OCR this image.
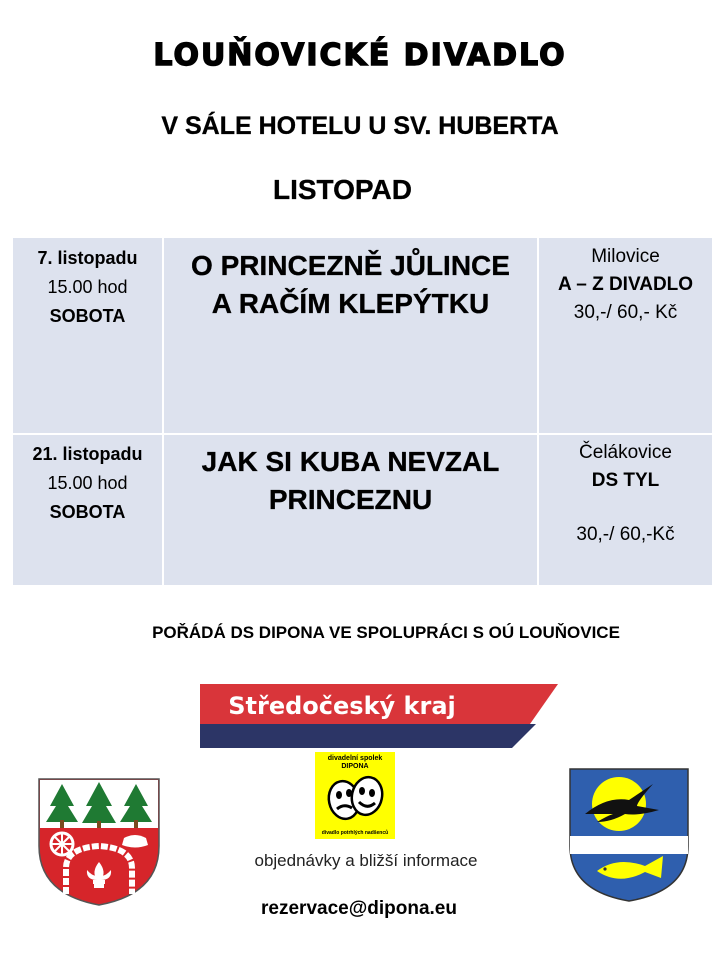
LOUŇOVICKÉ DIVADLO
V SÁLE HOTELU U SV. HUBERTA
LISTOPAD
7. listopadu
15.00 hod
SOBOTA
O PRINCEZNĚ JŮLINCE
A RAČÍM KLEPÝTKU
Milovice
A – Z DIVADLO
30,-/ 60,- Kč
21. listopadu
15.00 hod
SOBOTA
JAK SI KUBA NEVZAL
PRINCEZNU
Čelákovice
DS TYL
30,-/ 60,-Kč
POŘÁDÁ DS DIPONA VE SPOLUPRÁCI S OÚ LOUŇOVICE
Středočeský kraj
divadelní spolek
DIPONA
divadlo potrhlých nadšenců
objednávky a bližší informace
rezervace@dipona.eu
